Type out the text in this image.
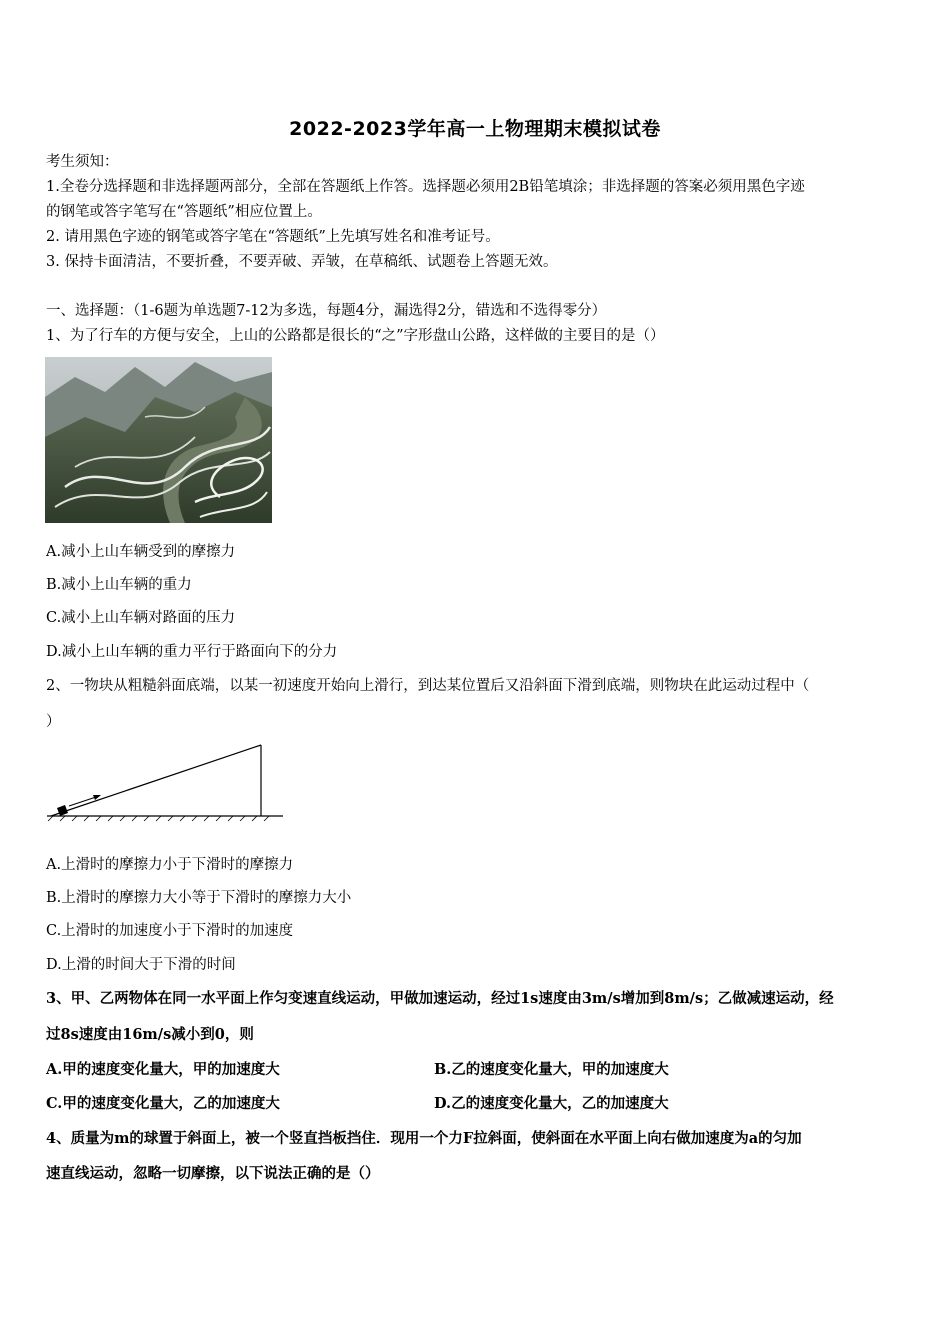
2022-2023学年高一上物理期末模拟试卷
考生须知：
1.全卷分选择题和非选择题两部分，全部在答题纸上作答。选择题必须用2B铅笔填涂；非选择题的答案必须用黑色字迹
的钢笔或答字笔写在“答题纸”相应位置上。
2. 请用黑色字迹的钢笔或答字笔在“答题纸”上先填写姓名和准考证号。
3. 保持卡面清洁，不要折叠，不要弄破、弄皱，在草稿纸、试题卷上答题无效。
一、选择题：（1-6题为单选题7-12为多选，每题4分，漏选得2分，错选和不选得零分）
1、为了行车的方便与安全，上山的公路都是很长的“之”字形盘山公路，这样做的主要目的是（）
A.减小上山车辆受到的摩擦力
B.减小上山车辆的重力
C.减小上山车辆对路面的压力
D.减小上山车辆的重力平行于路面向下的分力
2、一物块从粗糙斜面底端，以某一初速度开始向上滑行，到达某位置后又沿斜面下滑到底端，则物块在此运动过程中（
）
A.上滑时的摩擦力小于下滑时的摩擦力
B.上滑时的摩擦力大小等于下滑时的摩擦力大小
C.上滑时的加速度小于下滑时的加速度
D.上滑的时间大于下滑的时间
3、甲、乙两物体在同一水平面上作匀变速直线运动，甲做加速运动，经过1s速度由3m/s增加到8m/s；乙做减速运动，经
过8s速度由16m/s减小到0，则
A.甲的速度变化量大，甲的加速度大	B.乙的速度变化量大，甲的加速度大
C.甲的速度变化量大，乙的加速度大	D.乙的速度变化量大，乙的加速度大
4、质量为m的球置于斜面上，被一个竖直挡板挡住．现用一个力F拉斜面，使斜面在水平面上向右做加速度为a的匀加
速直线运动，忽略一切摩擦，以下说法正确的是（）
